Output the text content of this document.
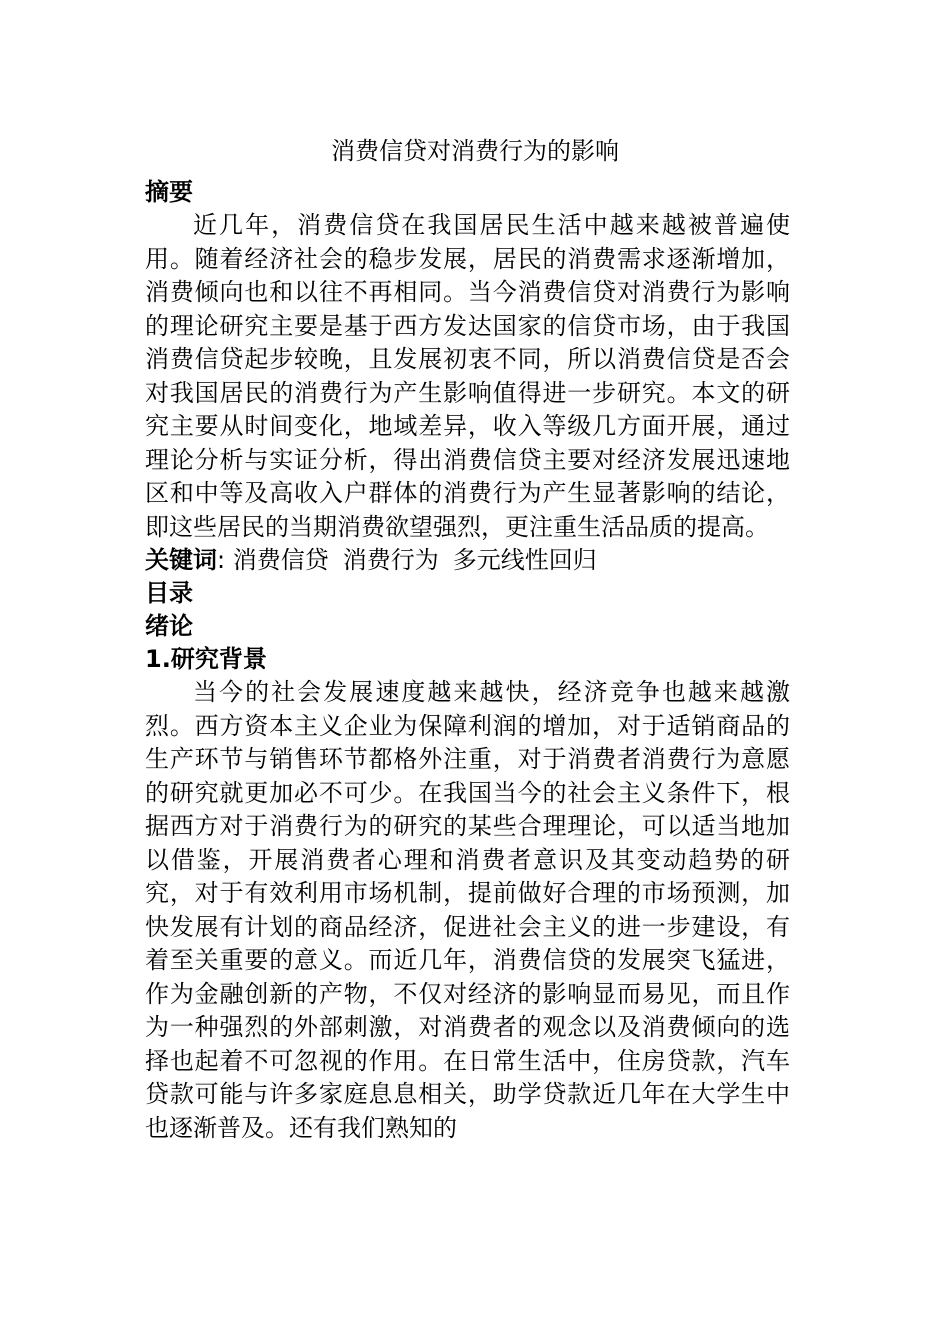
消费信贷对消费行为的影响

摘要

近几年，消费信贷在我国居民生活中越来越被普遍使用。随着经济社会的稳步发展，居民的消费需求逐渐增加，消费倾向也和以往不再相同。当今消费信贷对消费行为影响的理论研究主要是基于西方发达国家的信贷市场，由于我国消费信贷起步较晚，且发展初衷不同，所以消费信贷是否会对我国居民的消费行为产生影响值得进一步研究。本文的研究主要从时间变化，地域差异，收入等级几方面开展，通过理论分析与实证分析，得出消费信贷主要对经济发展迅速地区和中等及高收入户群体的消费行为产生显著影响的结论，即这些居民的当期消费欲望强烈，更注重生活品质的提高。

关键词: 消费信贷 消费行为 多元线性回归

目录

绪论

1.研究背景

当今的社会发展速度越来越快，经济竞争也越来越激烈。西方资本主义企业为保障利润的增加，对于适销商品的生产环节与销售环节都格外注重，对于消费者消费行为意愿的研究就更加必不可少。在我国当今的社会主义条件下，根据西方对于消费行为的研究的某些合理理论，可以适当地加以借鉴，开展消费者心理和消费者意识及其变动趋势的研究，对于有效利用市场机制，提前做好合理的市场预测，加快发展有计划的商品经济，促进社会主义的进一步建设，有着至关重要的意义。而近几年，消费信贷的发展突飞猛进，作为金融创新的产物，不仅对经济的影响显而易见，而且作为一种强烈的外部刺激，对消费者的观念以及消费倾向的选择也起着不可忽视的作用。在日常生活中，住房贷款，汽车贷款可能与许多家庭息息相关，助学贷款近几年在大学生中也逐渐普及。还有我们熟知的
